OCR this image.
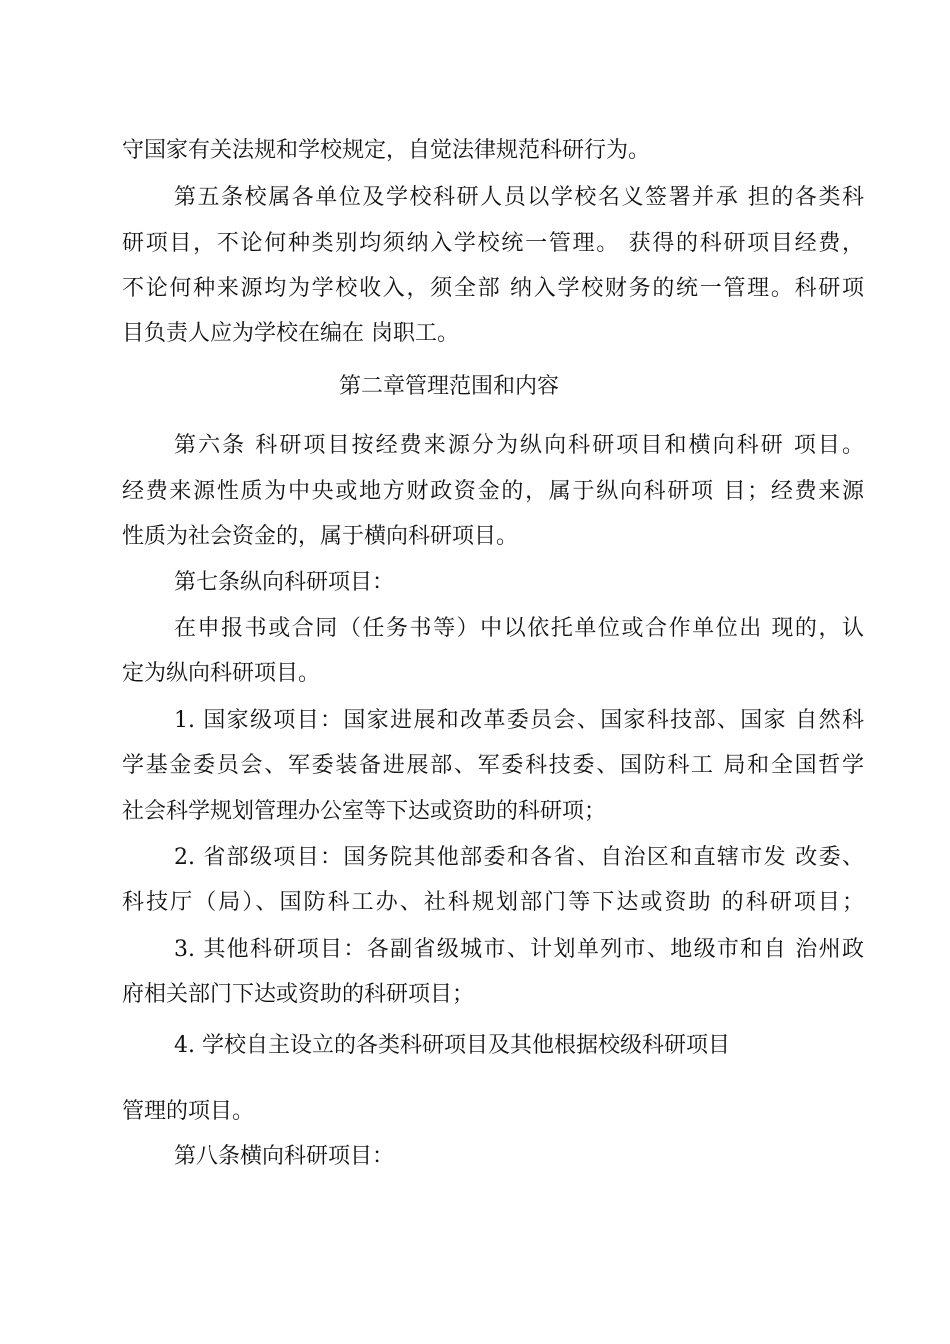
守国家有关法规和学校规定，自觉法律规范科研行为。
第五条校属各单位及学校科研人员以学校名义签署并承 担的各类科
研项目，不论何种类别均须纳入学校统一管理。 获得的科研项目经费，
不论何种来源均为学校收入，须全部 纳入学校财务的统一管理。科研项
目负责人应为学校在编在 岗职工。
第二章管理范围和内容
第六条 科研项目按经费来源分为纵向科研项目和横向科研 项目。
经费来源性质为中央或地方财政资金的，属于纵向科研项 目；经费来源
性质为社会资金的，属于横向科研项目。
第七条纵向科研项目：
在申报书或合同（任务书等）中以依托单位或合作单位出 现的，认
定为纵向科研项目。
1. 国家级项目：国家进展和改革委员会、国家科技部、国家 自然科
学基金委员会、军委装备进展部、军委科技委、国防科工 局和全国哲学
社会科学规划管理办公室等下达或资助的科研项；
2. 省部级项目：国务院其他部委和各省、自治区和直辖市发 改委、
科技厅（局）、国防科工办、社科规划部门等下达或资助 的科研项目；
3. 其他科研项目：各副省级城市、计划单列市、地级市和自 治州政
府相关部门下达或资助的科研项目；
4. 学校自主设立的各类科研项目及其他根据校级科研项目
管理的项目。
第八条横向科研项目：
